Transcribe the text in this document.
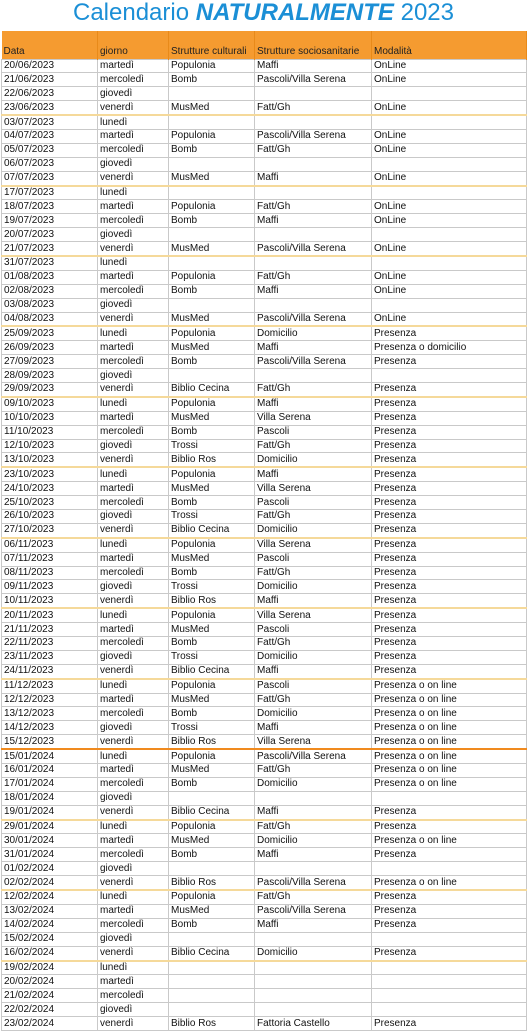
Calendario NATURALMENTE 2023
Data	giorno	Strutture culturali	Strutture sociosanitarie	Modalità
20/06/2023	martedì	Populonia	Maffi	OnLine
21/06/2023	mercoledì	Bomb	Pascoli/Villa Serena	OnLine
22/06/2023	giovedì			
23/06/2023	venerdì	MusMed	Fatt/Gh	OnLine
03/07/2023	lunedì			
04/07/2023	martedì	Populonia	Pascoli/Villa Serena	OnLine
05/07/2023	mercoledì	Bomb	Fatt/Gh	OnLine
06/07/2023	giovedì			
07/07/2023	venerdì	MusMed	Maffi	OnLine
17/07/2023	lunedì			
18/07/2023	martedì	Populonia	Fatt/Gh	OnLine
19/07/2023	mercoledì	Bomb	Maffi	OnLine
20/07/2023	giovedì			
21/07/2023	venerdì	MusMed	Pascoli/Villa Serena	OnLine
31/07/2023	lunedì			
01/08/2023	martedì	Populonia	Fatt/Gh	OnLine
02/08/2023	mercoledì	Bomb	Maffi	OnLine
03/08/2023	giovedì			
04/08/2023	venerdì	MusMed	Pascoli/Villa Serena	OnLine
25/09/2023	lunedì	Populonia	Domicilio	Presenza
26/09/2023	martedì	MusMed	Maffi	Presenza o domicilio
27/09/2023	mercoledì	Bomb	Pascoli/Villa Serena	Presenza
28/09/2023	giovedì			
29/09/2023	venerdì	Biblio Cecina	Fatt/Gh	Presenza
09/10/2023	lunedì	Populonia	Maffi	Presenza
10/10/2023	martedì	MusMed	Villa Serena	Presenza
11/10/2023	mercoledì	Bomb	Pascoli	Presenza
12/10/2023	giovedì	Trossi	Fatt/Gh	Presenza
13/10/2023	venerdì	Biblio Ros	Domicilio	Presenza
23/10/2023	lunedì	Populonia	Maffi	Presenza
24/10/2023	martedì	MusMed	Villa Serena	Presenza
25/10/2023	mercoledì	Bomb	Pascoli	Presenza
26/10/2023	giovedì	Trossi	Fatt/Gh	Presenza
27/10/2023	venerdì	Biblio Cecina	Domicilio	Presenza
06/11/2023	lunedì	Populonia	Villa Serena	Presenza
07/11/2023	martedì	MusMed	Pascoli	Presenza
08/11/2023	mercoledì	Bomb	Fatt/Gh	Presenza
09/11/2023	giovedì	Trossi	Domicilio	Presenza
10/11/2023	venerdì	Biblio Ros	Maffi	Presenza
20/11/2023	lunedì	Populonia	Villa Serena	Presenza
21/11/2023	martedì	MusMed	Pascoli	Presenza
22/11/2023	mercoledì	Bomb	Fatt/Gh	Presenza
23/11/2023	giovedì	Trossi	Domicilio	Presenza
24/11/2023	venerdì	Biblio Cecina	Maffi	Presenza
11/12/2023	lunedì	Populonia	Pascoli	Presenza o on line
12/12/2023	martedì	MusMed	Fatt/Gh	Presenza o on line
13/12/2023	mercoledì	Bomb	Domicilio	Presenza o on line
14/12/2023	giovedì	Trossi	Maffi	Presenza o on line
15/12/2023	venerdì	Biblio Ros	Villa Serena	Presenza o on line
15/01/2024	lunedì	Populonia	Pascoli/Villa Serena	Presenza o on line
16/01/2024	martedì	MusMed	Fatt/Gh	Presenza o on line
17/01/2024	mercoledì	Bomb	Domicilio	Presenza o on line
18/01/2024	giovedì			
19/01/2024	venerdì	Biblio Cecina	Maffi	Presenza
29/01/2024	lunedì	Populonia	Fatt/Gh	Presenza
30/01/2024	martedì	MusMed	Domicilio	Presenza o on line
31/01/2024	mercoledì	Bomb	Maffi	Presenza
01/02/2024	giovedì			
02/02/2024	venerdì	Biblio Ros	Pascoli/Villa Serena	Presenza o on line
12/02/2024	lunedì	Populonia	Fatt/Gh	Presenza
13/02/2024	martedì	MusMed	Pascoli/Villa Serena	Presenza
14/02/2024	mercoledì	Bomb	Maffi	Presenza
15/02/2024	giovedì			
16/02/2024	venerdì	Biblio Cecina	Domicilio	Presenza
19/02/2024	lunedì			
20/02/2024	martedì			
21/02/2024	mercoledì			
22/02/2024	giovedì			
23/02/2024	venerdì	Biblio Ros	Fattoria Castello	Presenza
